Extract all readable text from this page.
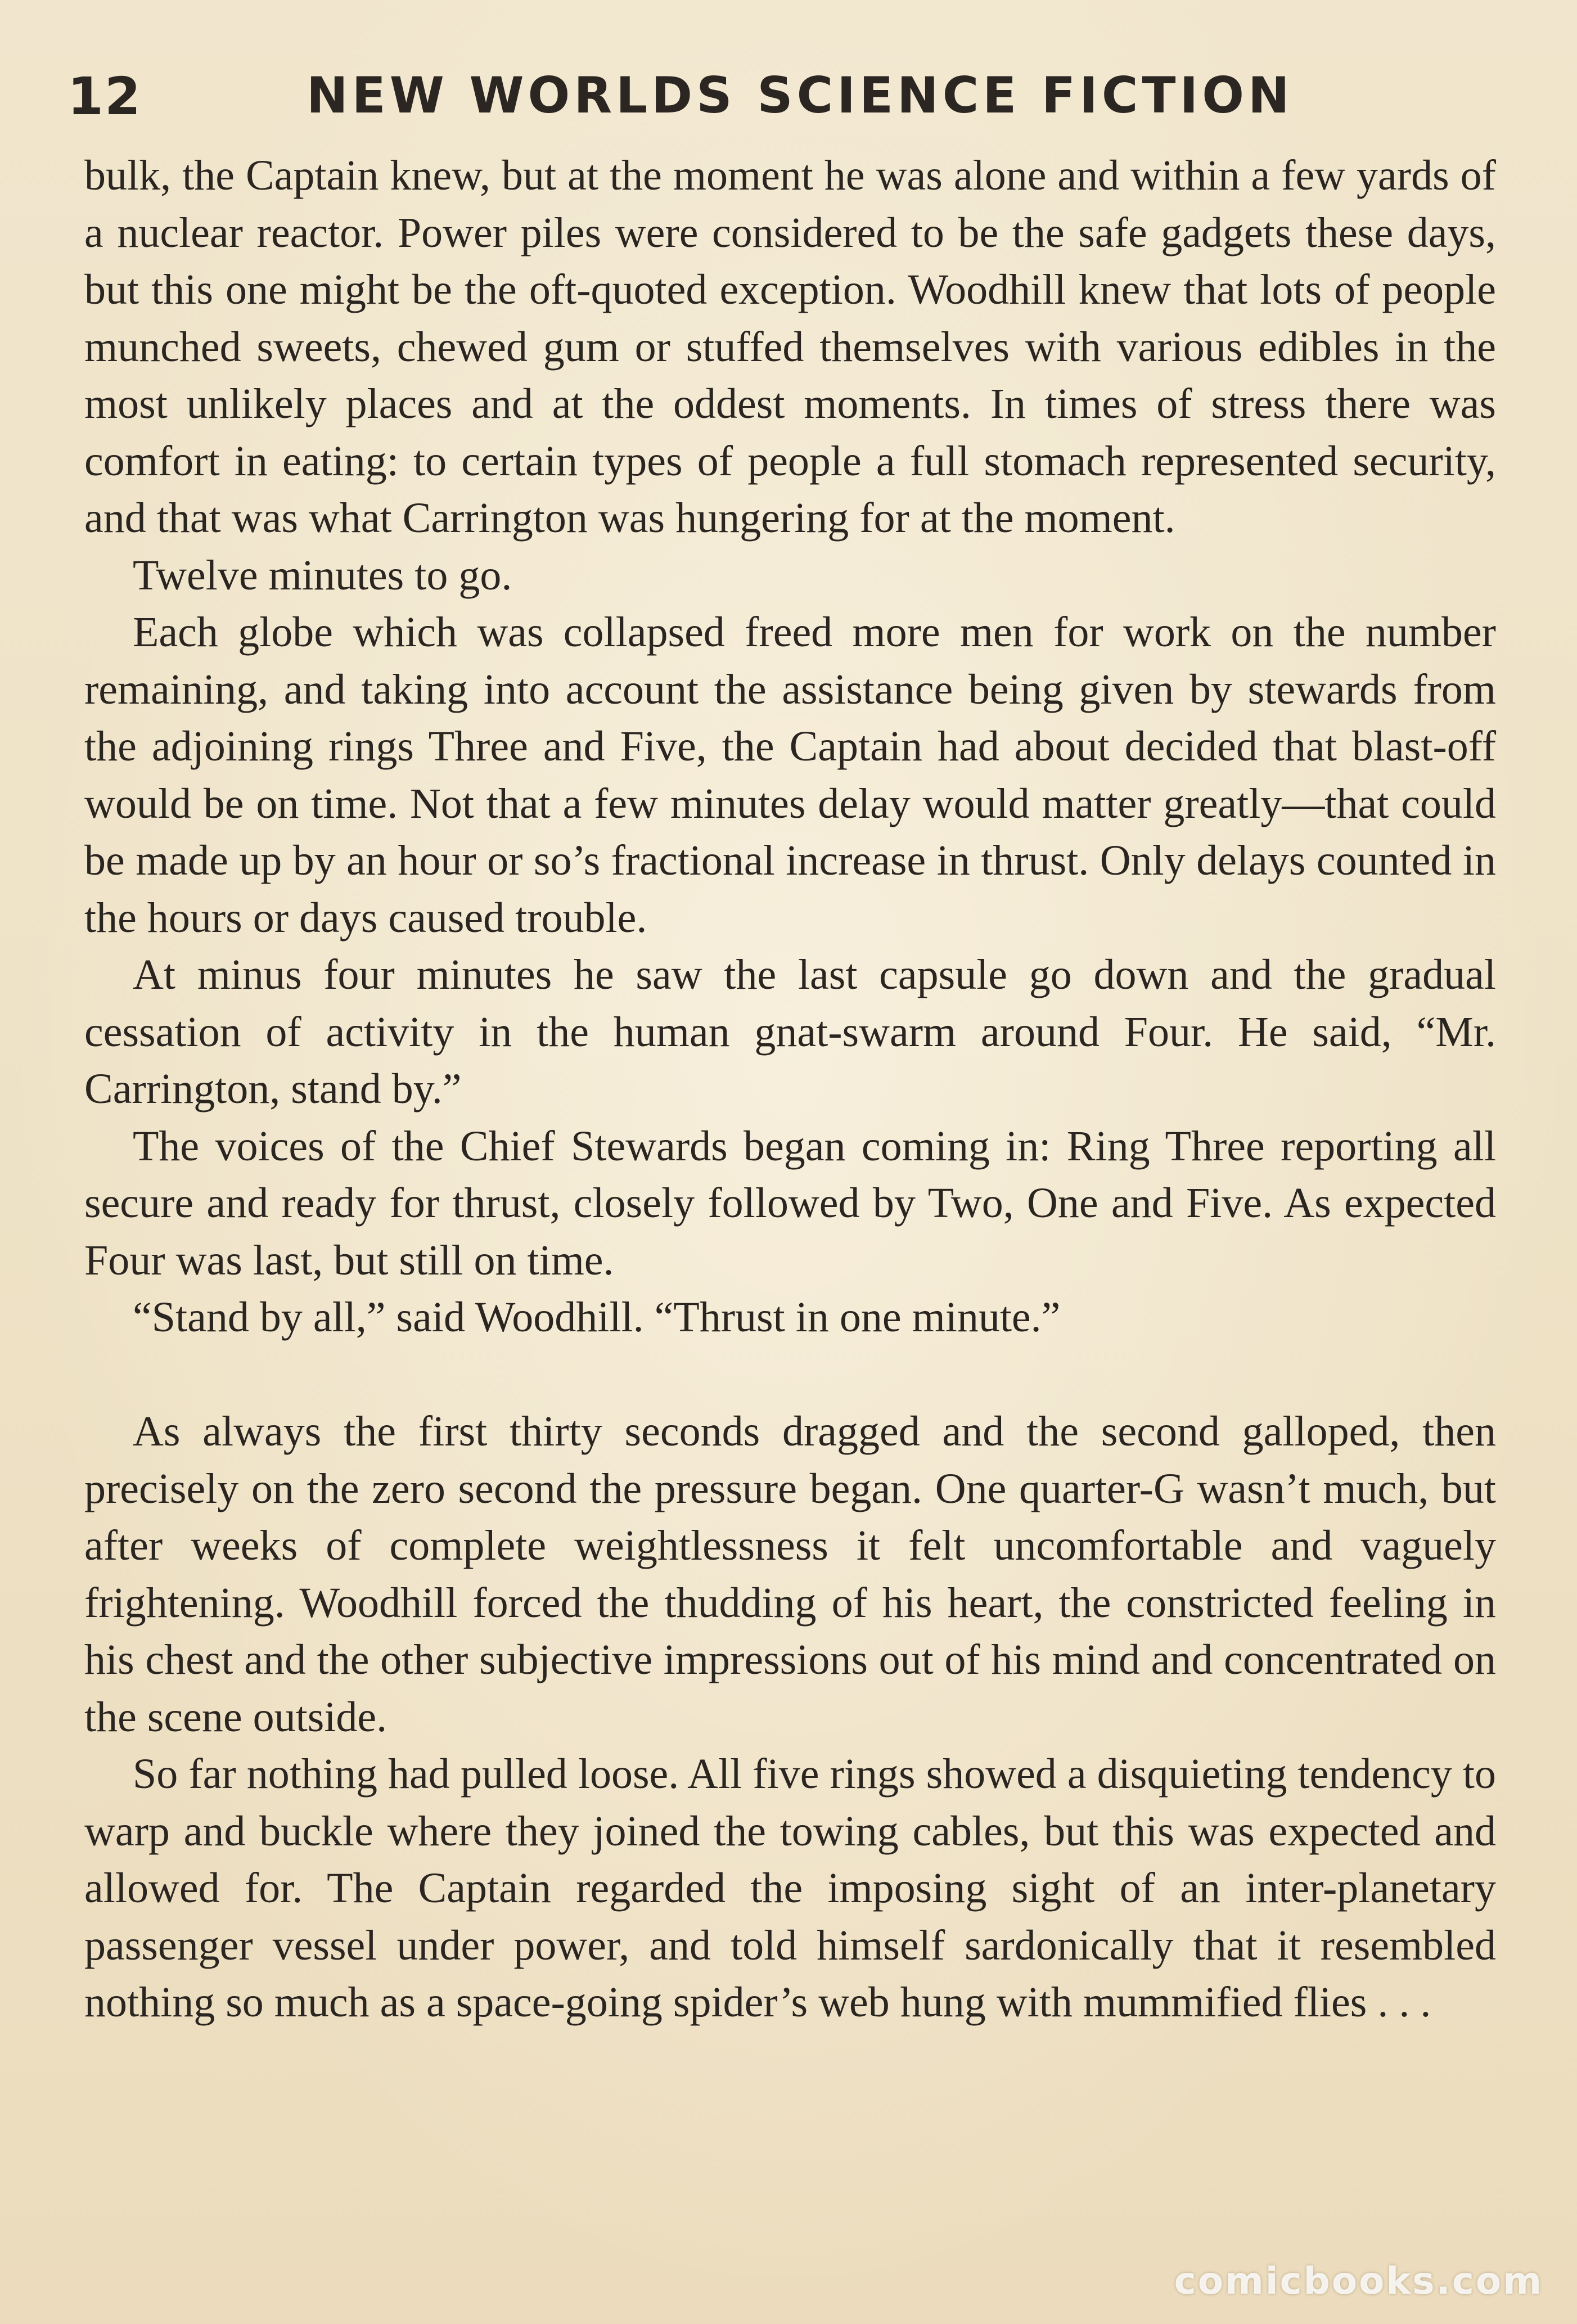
12	NEW WORLDS SCIENCE FICTION

bulk, the Captain knew, but at the moment he was alone and within a few yards of a nuclear reactor. Power piles were considered to be the safe gadgets these days, but this one might be the oft-quoted exception. Woodhill knew that lots of people munched sweets, chewed gum or stuffed themselves with various edibles in the most unlikely places and at the oddest moments. In times of stress there was comfort in eating: to certain types of people a full stomach represented security, and that was what Carrington was hungering for at the moment.

Twelve minutes to go.

Each globe which was collapsed freed more men for work on the number remaining, and taking into account the assistance being given by stewards from the adjoining rings Three and Five, the Captain had about decided that blast-off would be on time. Not that a few minutes delay would matter greatly—that could be made up by an hour or so’s fractional increase in thrust. Only delays counted in the hours or days caused trouble.

At minus four minutes he saw the last capsule go down and the gradual cessation of activity in the human gnat-swarm around Four. He said, “Mr. Carrington, stand by.”

The voices of the Chief Stewards began coming in: Ring Three reporting all secure and ready for thrust, closely followed by Two, One and Five. As expected Four was last, but still on time.

“Stand by all,” said Woodhill. “Thrust in one minute.”

As always the first thirty seconds dragged and the second galloped, then precisely on the zero second the pressure began. One quarter-G wasn’t much, but after weeks of complete weightlessness it felt uncomfortable and vaguely frightening. Woodhill forced the thudding of his heart, the constricted feeling in his chest and the other subjective impressions out of his mind and concentrated on the scene outside.

So far nothing had pulled loose. All five rings showed a disquieting tendency to warp and buckle where they joined the towing cables, but this was expected and allowed for. The Captain regarded the imposing sight of an inter-planetary passenger vessel under power, and told himself sardonically that it resembled nothing so much as a space-going spider’s web hung with mummified flies . . .

comicbooks.com
